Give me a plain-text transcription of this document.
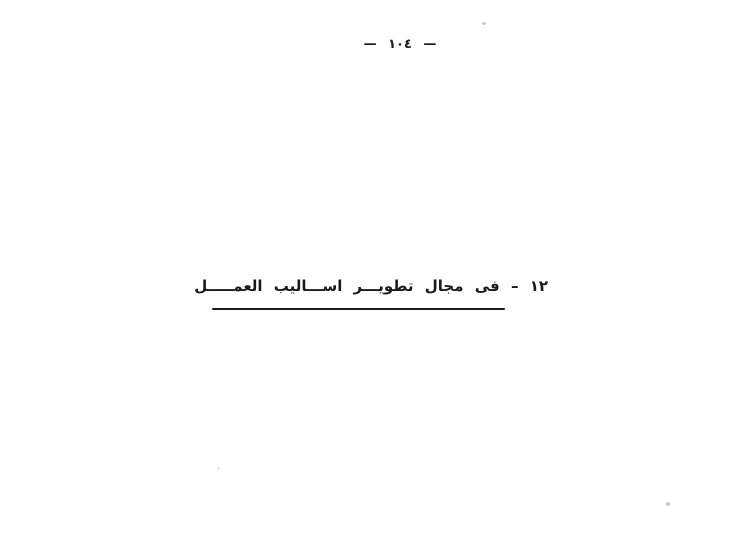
— ١٠٤ —
١٢ – فى مجال تطويـــر اســـاليب العمـــــل
